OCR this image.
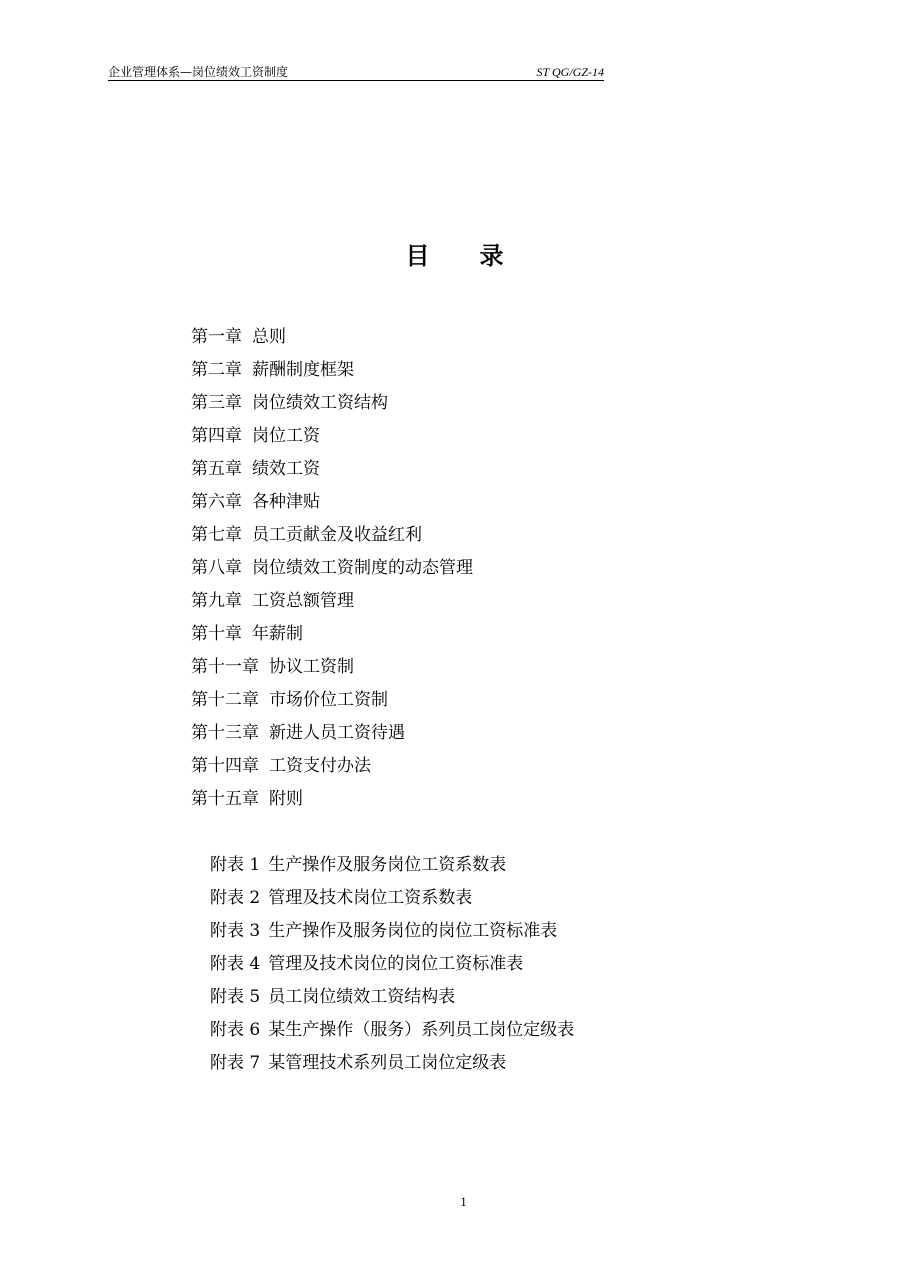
企业管理体系—岗位绩效工资制度	ST QG/GZ-14
目录
第一章 总则
第二章 薪酬制度框架
第三章 岗位绩效工资结构
第四章 岗位工资
第五章 绩效工资
第六章 各种津贴
第七章 员工贡献金及收益红利
第八章 岗位绩效工资制度的动态管理
第九章 工资总额管理
第十章 年薪制
第十一章 协议工资制
第十二章 市场价位工资制
第十三章 新进人员工资待遇
第十四章 工资支付办法
第十五章 附则
附表 1 生产操作及服务岗位工资系数表
附表 2 管理及技术岗位工资系数表
附表 3 生产操作及服务岗位的岗位工资标准表
附表 4 管理及技术岗位的岗位工资标准表
附表 5 员工岗位绩效工资结构表
附表 6 某生产操作（服务）系列员工岗位定级表
附表 7 某管理技术系列员工岗位定级表
1
